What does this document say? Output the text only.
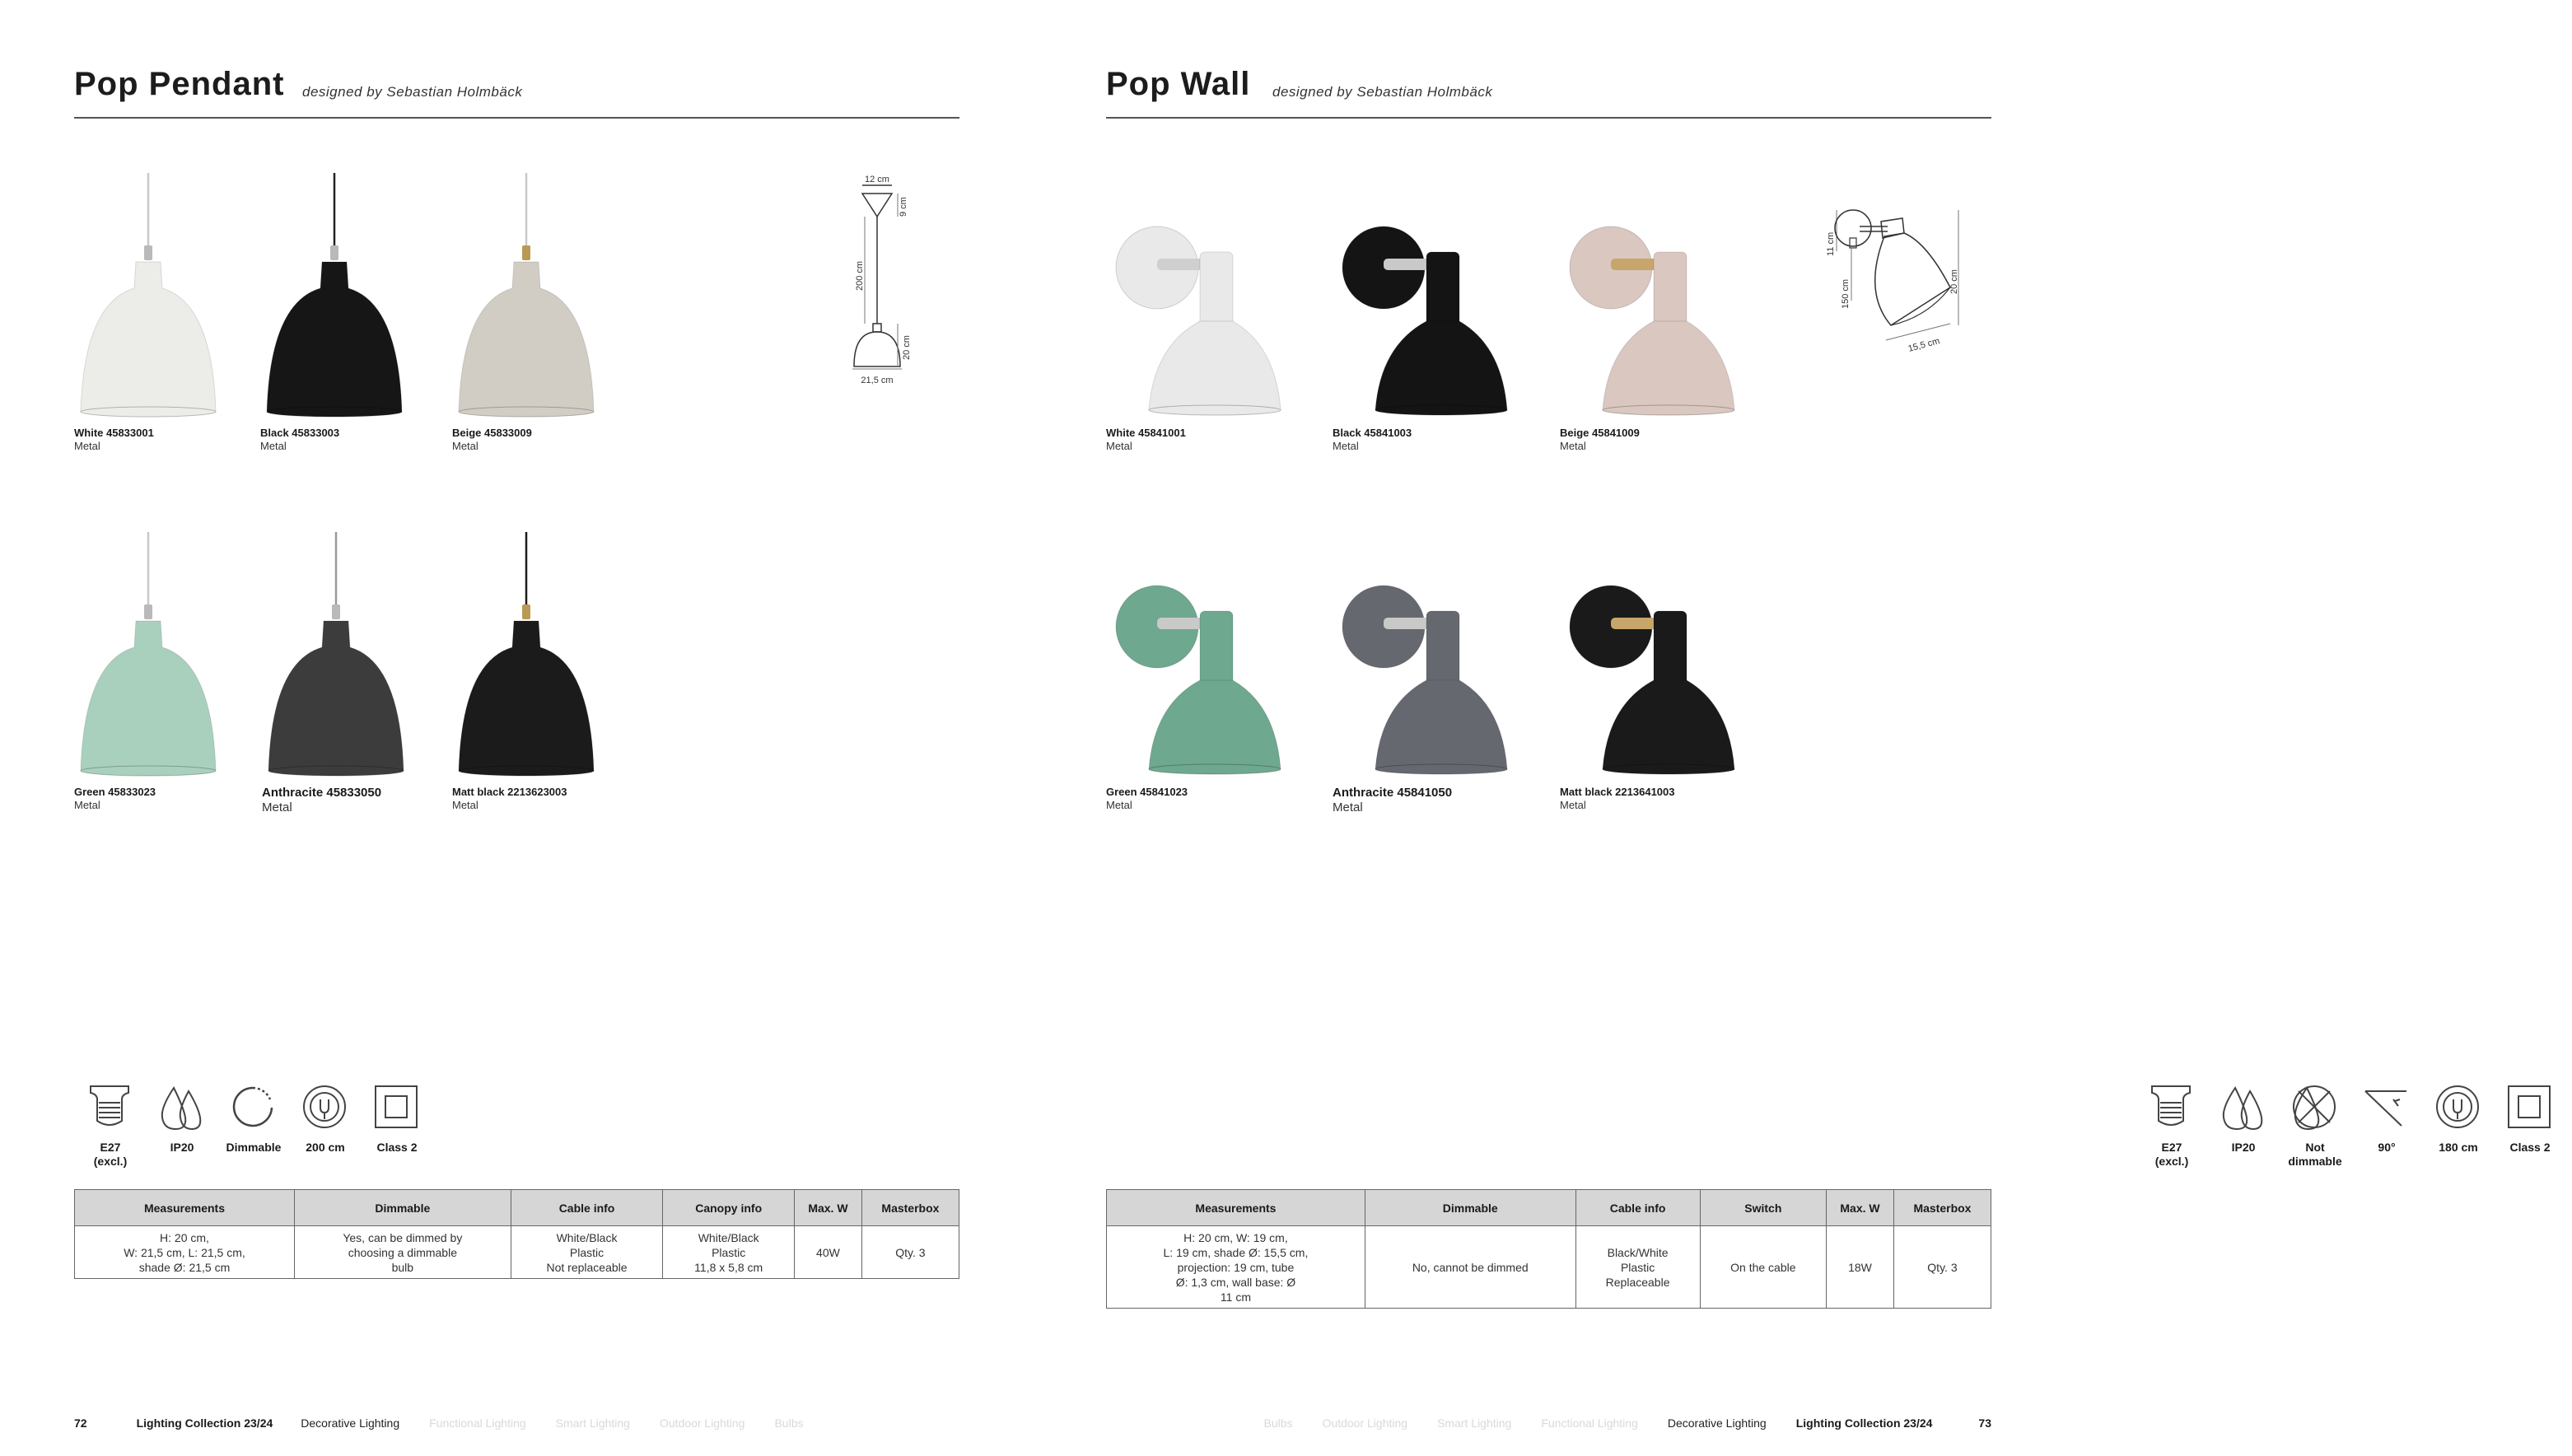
Pop Pendant designed by Sebastian Holmbäck
White 45833001
Metal
Black 45833003
Metal
Beige 45833009
Metal
Green 45833023
Metal
Anthracite 45833050
Metal
Matt black 2213623003
Metal
12 cm
9 cm
200 cm
20 cm
21,5 cm
E27
(excl.)
IP20	Dimmable	200 cm	Class 2
Measurements	Dimmable	Cable info	Canopy info	Max. W	Masterbox
H: 20 cm,
W: 21,5 cm, L: 21,5 cm,
shade Ø: 21,5 cm	Yes, can be dimmed by
choosing a dimmable
bulb	White/Black
Plastic
Not replaceable	White/Black
Plastic
11,8 x 5,8 cm	40W	Qty. 3
72	Lighting Collection 23/24 Decorative Lighting	Functional Lighting	Smart Lighting	Outdoor Lighting	Bulbs
Pop Wall designed by Sebastian Holmbäck
White 45841001
Metal
Black 45841003
Metal
Beige 45841009
Metal
Green 45841023
Metal
Anthracite 45841050
Metal
Matt black 2213641003
Metal
11 cm
150 cm	20 cm
15,5 cm
E27
(excl.)
IP20	Not
dimmable
90°	180 cm	Class 2
Measurements	Dimmable	Cable info	Switch	Max. W	Masterbox
H: 20 cm, W: 19 cm,
L: 19 cm, shade Ø: 15,5 cm,
projection: 19 cm, tube
Ø: 1,3 cm, wall base: Ø
11 cm	No, cannot be dimmed	Black/White
Plastic
Replaceable	On the cable	18W	Qty. 3
Bulbs	Outdoor Lighting	Smart Lighting	Functional Lighting	Decorative Lighting	Lighting Collection 23/24	73
